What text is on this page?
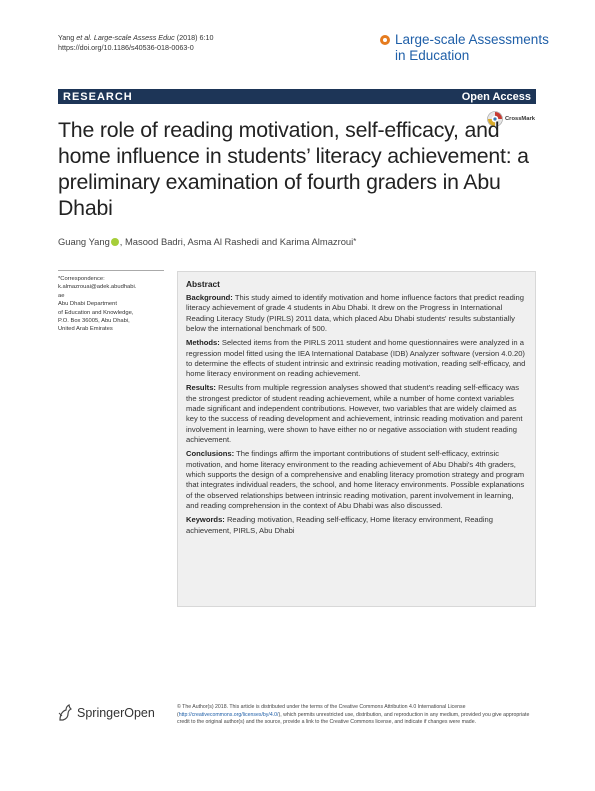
Yang et al. Large-scale Assess Educ (2018) 6:10
https://doi.org/10.1186/s40536-018-0063-0
Large-scale Assessments
in Education
RESEARCH	Open Access
CrossMark
The role of reading motivation, self-efficacy, and home influence in students’ literacy achievement: a preliminary examination of fourth graders in Abu Dhabi
Guang Yang , Masood Badri, Asma Al Rashedi and Karima Almazroui *
*Correspondence:
k.almazrouai@adek.abudhabi.
ae
Abu Dhabi Department
of Education and Knowledge,
P.O. Box 36005, Abu Dhabi,
United Arab Emirates
Abstract

Background: This study aimed to identify motivation and home influence factors that predict reading literacy achievement of grade 4 students in Abu Dhabi. It drew on the Progress in International Reading Literacy Study (PIRLS) 2011 data, which placed Abu Dhabi students' results substantially below the international benchmark of 500.

Methods: Selected items from the PIRLS 2011 student and home questionnaires were analyzed in a regression model fitted using the IEA International Database (IDB) Analyzer software (version 4.0.20) to determine the effects of student intrinsic and extrinsic reading motivation, reading self-efficacy, and home literacy environment on reading achievement.

Results: Results from multiple regression analyses showed that student's reading self-efficacy was the strongest predictor of student reading achievement, while a number of home context variables made significant and independent contributions. However, two variables that are widely claimed as key to the success of reading development and achievement, intrinsic reading motivation and parent involvement in learning, were shown to have either no or negative association with student reading achievement.

Conclusions: The findings affirm the important contributions of student self-efficacy, extrinsic motivation, and home literacy environment to the reading achievement of Abu Dhabi's 4th graders, which supports the design of a comprehensive and enabling literacy promotion strategy and program that integrates individual readers, the school, and home literacy environments. Possible explanations of the observed relationships between intrinsic reading motivation, parent involvement in learning, and reading comprehension in the context of Abu Dhabi was also discussed.

Keywords: Reading motivation, Reading self-efficacy, Home literacy environment, Reading achievement, PIRLS, Abu Dhabi

SpringerOpen	© The Author(s) 2018. This article is distributed under the terms of the Creative Commons Attribution 4.0 International License (http://creativecommons.org/licenses/by/4.0/), which permits unrestricted use, distribution, and reproduction in any medium, provided you give appropriate credit to the original author(s) and the source, provide a link to the Creative Commons license, and indicate if changes were made.
